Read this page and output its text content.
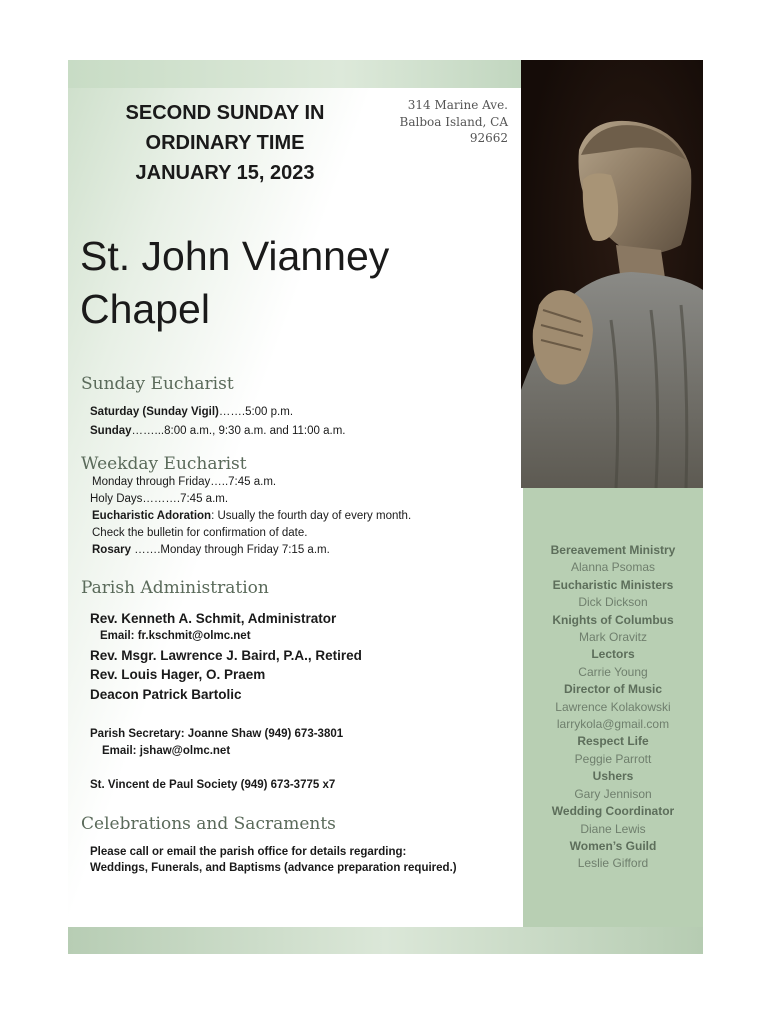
SECOND SUNDAY IN
ORDINARY TIME
JANUARY 15, 2023
314 Marine Ave.
Balboa Island, CA
92662
St. John Vianney
Chapel
Sunday Eucharist
Saturday (Sunday Vigil)…….5:00 p.m.
Sunday……...8:00 a.m., 9:30 a.m. and 11:00 a.m.
Weekday Eucharist
Monday through Friday…..7:45 a.m.
Holy Days……….7:45 a.m.
Eucharistic Adoration: Usually the fourth day of every month.
Check the bulletin for confirmation of date.
Rosary …….Monday through Friday 7:15 a.m.
Parish Administration
Rev. Kenneth A. Schmit, Administrator
Email: fr.kschmit@olmc.net
Rev. Msgr. Lawrence J. Baird, P.A., Retired
Rev. Louis Hager, O. Praem
Deacon Patrick Bartolic
Parish Secretary: Joanne Shaw (949) 673-3801
Email: jshaw@olmc.net
St. Vincent de Paul Society (949) 673-3775 x7
Celebrations and Sacraments
Please call or email the parish office for details regarding:
Weddings, Funerals, and Baptisms (advance preparation required.)
Bereavement Ministry
Alanna Psomas
Eucharistic Ministers
Dick Dickson
Knights of Columbus
Mark Oravitz
Lectors
Carrie Young
Director of Music
Lawrence Kolakowski
larrykola@gmail.com
Respect Life
Peggie Parrott
Ushers
Gary Jennison
Wedding Coordinator
Diane Lewis
Women’s Guild
Leslie Gifford
